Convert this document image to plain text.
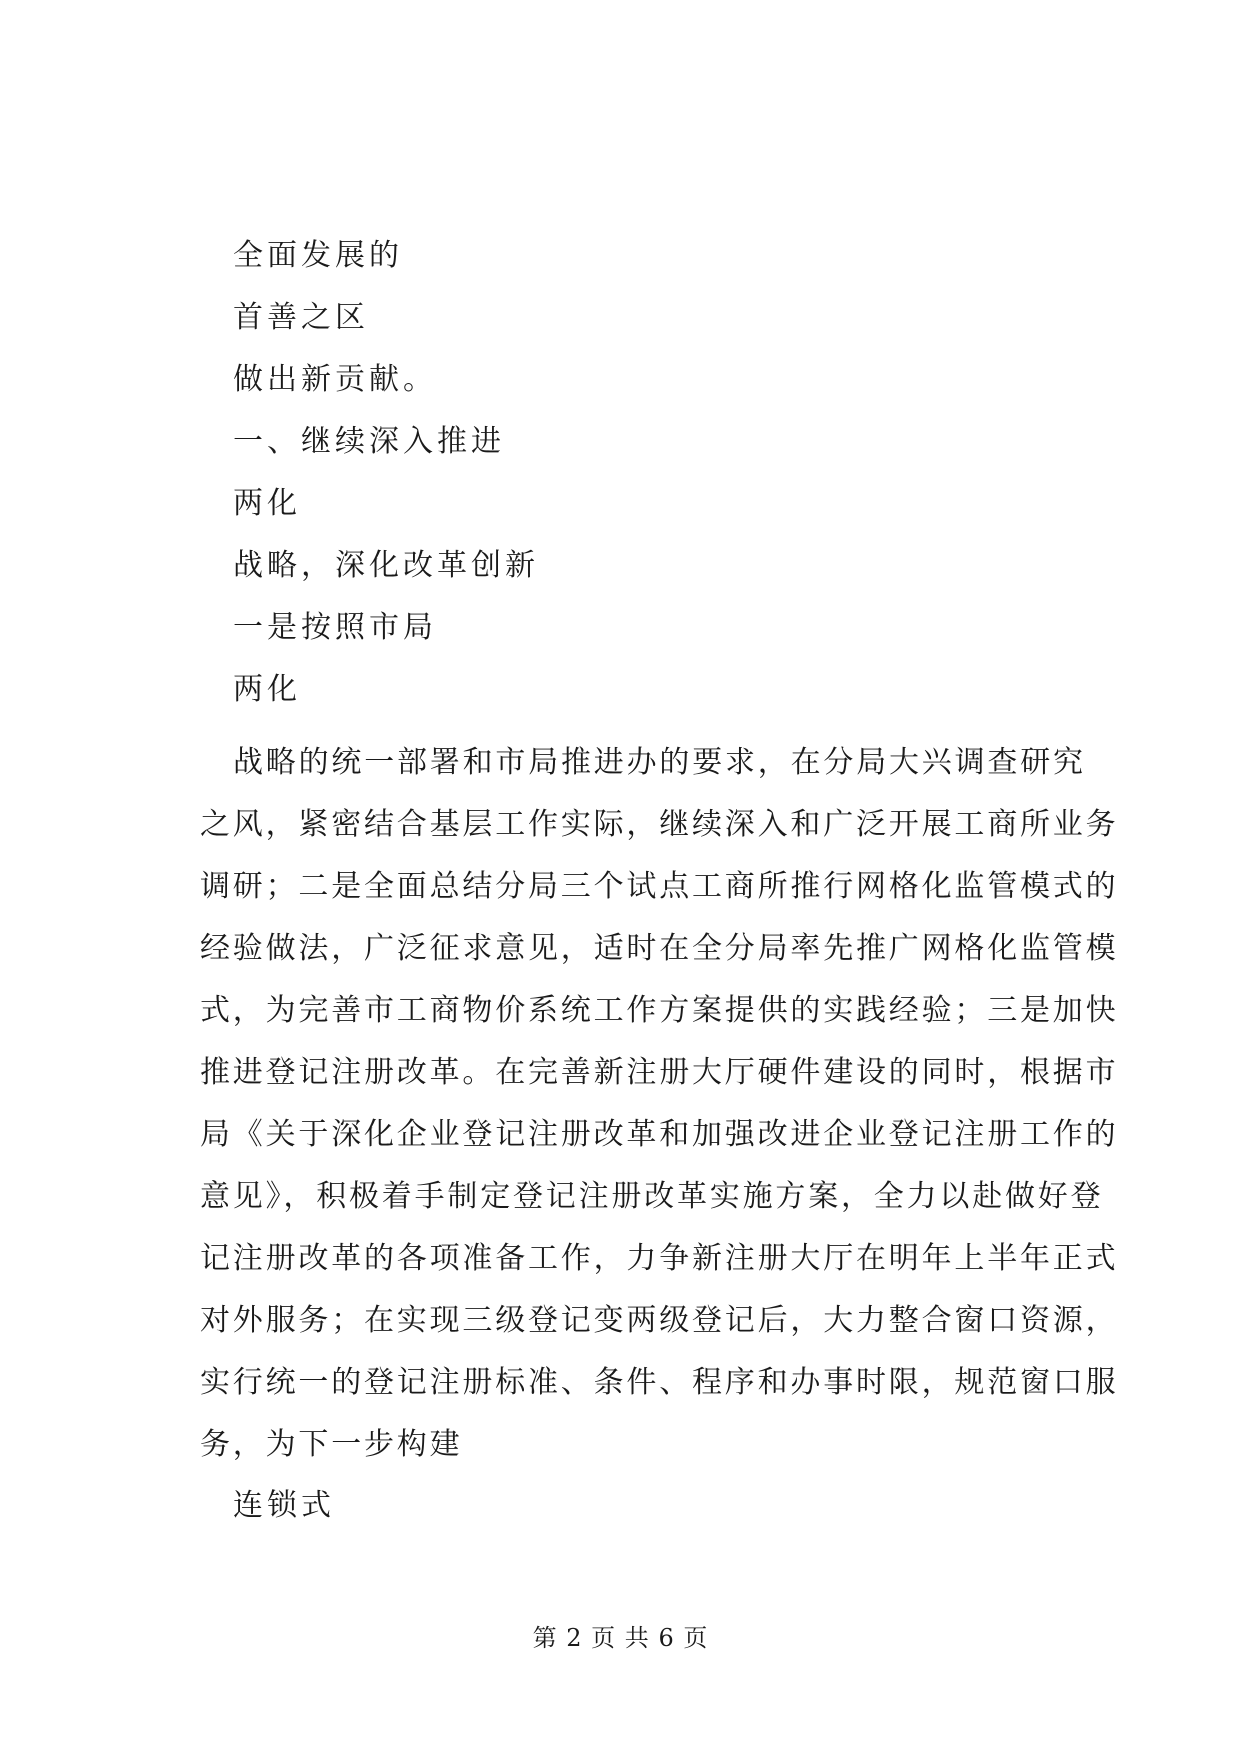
全面发展的
首善之区
做出新贡献。
一、继续深入推进
两化
战略，深化改革创新
一是按照市局
两化
战略的统一部署和市局推进办的要求，在分局大兴调查研究
之风，紧密结合基层工作实际，继续深入和广泛开展工商所业务
调研；二是全面总结分局三个试点工商所推行网格化监管模式的
经验做法，广泛征求意见，适时在全分局率先推广网格化监管模
式，为完善市工商物价系统工作方案提供的实践经验；三是加快
推进登记注册改革。在完善新注册大厅硬件建设的同时，根据市
局《关于深化企业登记注册改革和加强改进企业登记注册工作的
意见》，积极着手制定登记注册改革实施方案，全力以赴做好登
记注册改革的各项准备工作，力争新注册大厅在明年上半年正式
对外服务；在实现三级登记变两级登记后，大力整合窗口资源，
实行统一的登记注册标准、条件、程序和办事时限，规范窗口服
务，为下一步构建
连锁式
第 2 页 共 6 页
